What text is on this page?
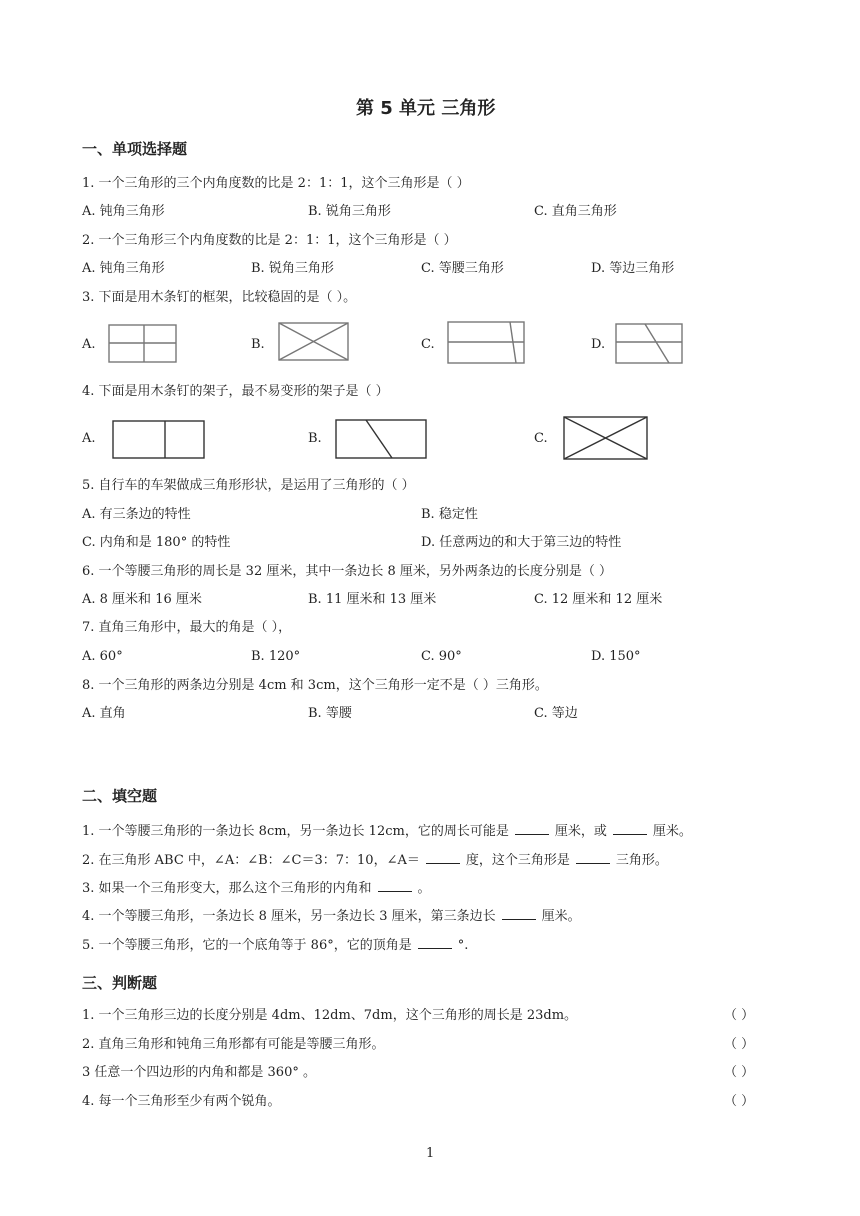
第 5 单元 三角形
一、单项选择题
1. 一个三角形的三个内角度数的比是 2：1：1，这个三角形是（ ）
A. 钝角三角形	B. 锐角三角形	C. 直角三角形
2. 一个三角形三个内角度数的比是 2：1：1，这个三角形是（ ）
A. 钝角三角形	B. 锐角三角形	C. 等腰三角形	D. 等边三角形
3. 下面是用木条钉的框架，比较稳固的是（ ）。
A.	B.	C.	D.
4. 下面是用木条钉的架子，最不易变形的架子是（ ）
A.	B.	C.
5. 自行车的车架做成三角形形状，是运用了三角形的（ ）
A. 有三条边的特性	B. 稳定性
C. 内角和是 180° 的特性	D. 任意两边的和大于第三边的特性
6. 一个等腰三角形的周长是 32 厘米，其中一条边长 8 厘米，另外两条边的长度分别是（ ）
A. 8 厘米和 16 厘米	B. 11 厘米和 13 厘米	C. 12 厘米和 12 厘米
7. 直角三角形中，最大的角是（ ），
A. 60°	B. 120°	C. 90°	D. 150°
8. 一个三角形的两条边分别是 4cm 和 3cm，这个三角形一定不是（ ）三角形。
A. 直角	B. 等腰	C. 等边
二、填空题
1. 一个等腰三角形的一条边长 8cm，另一条边长 12cm，它的周长可能是	厘米，或	厘米。
2. 在三角形 ABC 中，∠A：∠B：∠C＝3：7：10，∠A＝	度，这个三角形是	三角形。
3. 如果一个三角形变大，那么这个三角形的内角和	。
4. 一个等腰三角形，一条边长 8 厘米，另一条边长 3 厘米，第三条边长	厘米。
5. 一个等腰三角形，它的一个底角等于 86°，它的顶角是	°.
三、判断题
1. 一个三角形三边的长度分别是 4dm、12dm、7dm，这个三角形的周长是 23dm。	（ ）
2. 直角三角形和钝角三角形都有可能是等腰三角形。	（ ）
3 任意一个四边形的内角和都是 360° 。	（ ）
4. 每一个三角形至少有两个锐角。	（ ）
1
